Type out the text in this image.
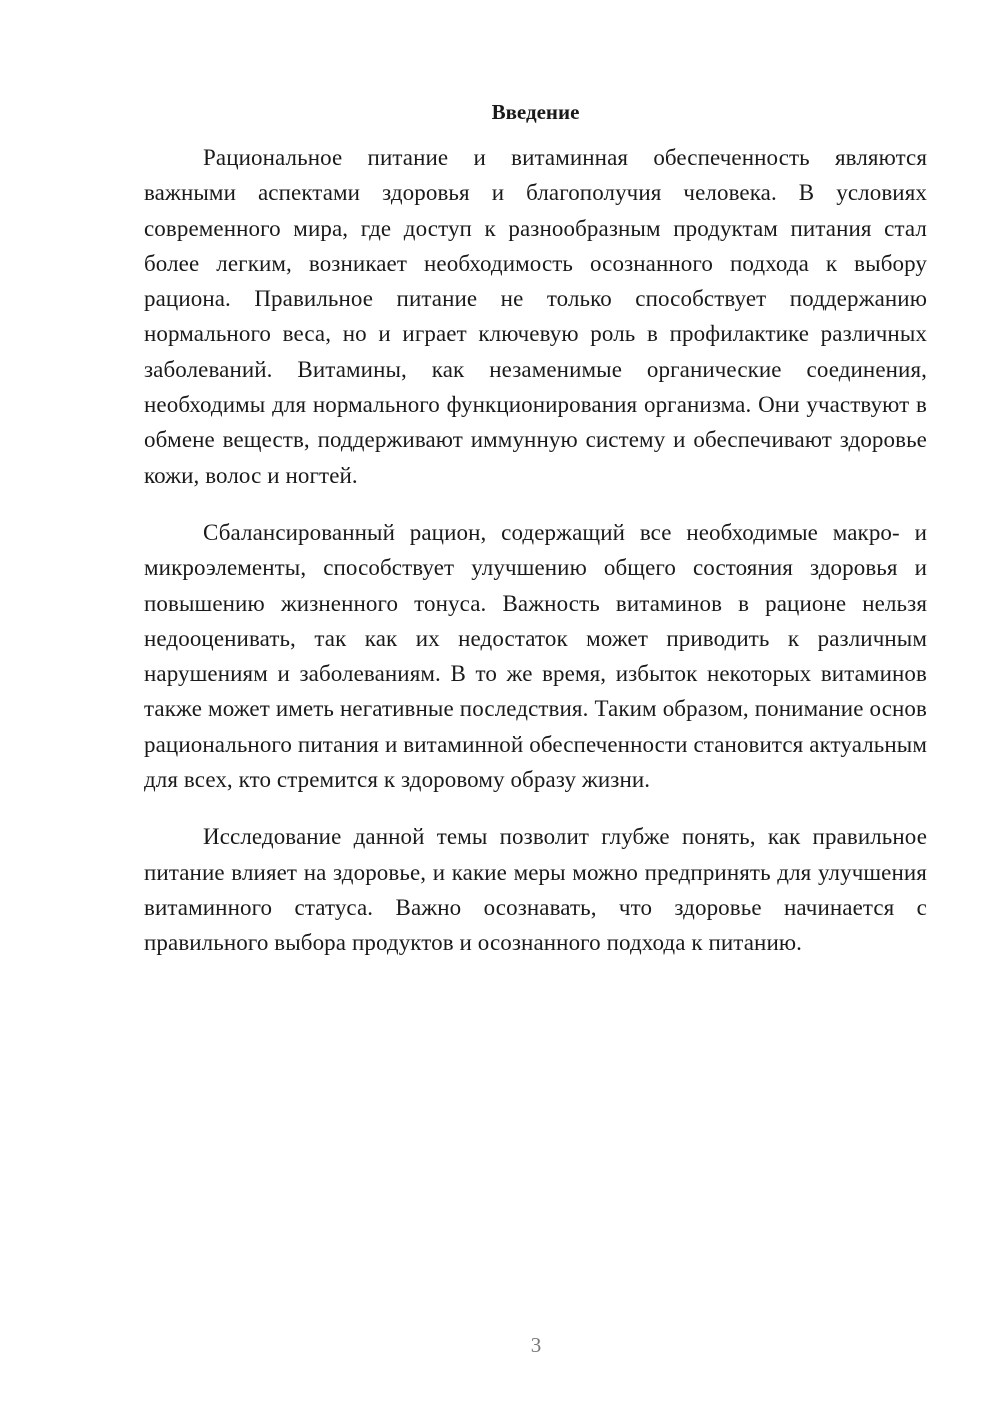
Введение

Рациональное питание и витаминная обеспеченность являются важными аспектами здоровья и благополучия человека. В условиях современного мира, где доступ к разнообразным продуктам питания стал более легким, возникает необходимость осознанного подхода к выбору рациона. Правильное питание не только способствует поддержанию нормального веса, но и играет ключевую роль в профилактике различных заболеваний. Витамины, как незаменимые органические соединения, необходимы для нормального функционирования организма. Они участвуют в обмене веществ, поддерживают иммунную систему и обеспечивают здоровье кожи, волос и ногтей.

Сбалансированный рацион, содержащий все необходимые макро- и микроэлементы, способствует улучшению общего состояния здоровья и повышению жизненного тонуса. Важность витаминов в рационе нельзя недооценивать, так как их недостаток может приводить к различным нарушениям и заболеваниям. В то же время, избыток некоторых витаминов также может иметь негативные последствия. Таким образом, понимание основ рационального питания и витаминной обеспеченности становится актуальным для всех, кто стремится к здоровому образу жизни.

Исследование данной темы позволит глубже понять, как правильное питание влияет на здоровье, и какие меры можно предпринять для улучшения витаминного статуса. Важно осознавать, что здоровье начинается с правильного выбора продуктов и осознанного подхода к питанию.

3
